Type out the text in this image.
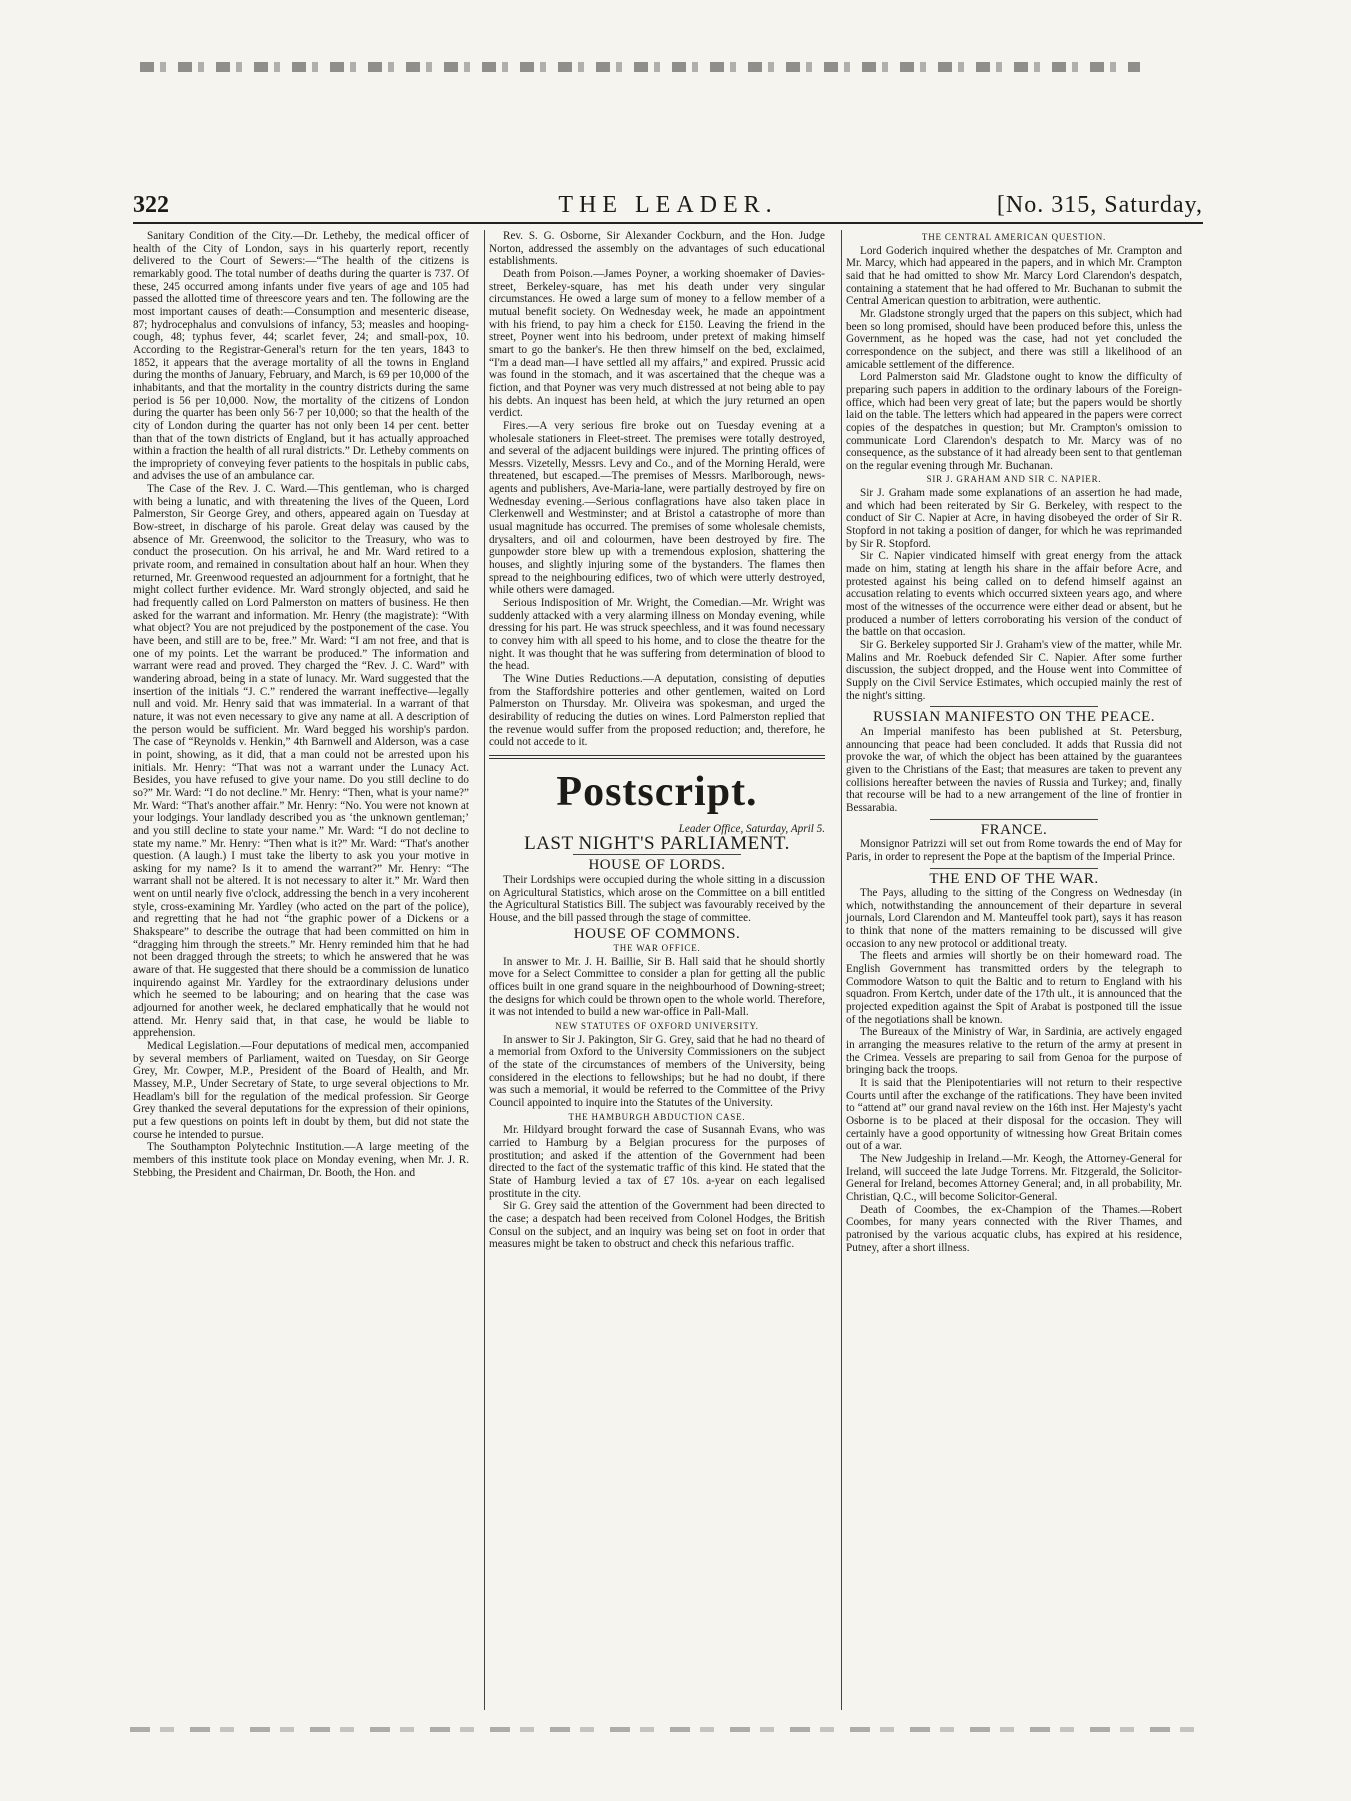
322	THE LEADER.	[No. 315, Saturday,

Sanitary Condition of the City.—Dr. Letheby, the medical officer of health of the City of London, says in his quarterly report, recently delivered to the Court of Sewers:—“The health of the citizens is remarkably good. The total number of deaths during the quarter is 737. Of these, 245 occurred among infants under five years of age and 105 had passed the allotted time of threescore years and ten. The following are the most important causes of death:—Consumption and mesenteric disease, 87; hydrocephalus and convulsions of infancy, 53; measles and hooping-cough, 48; typhus fever, 44; scarlet fever, 24; and small-pox, 10. According to the Registrar-General's return for the ten years, 1843 to 1852, it appears that the average mortality of all the towns in England during the months of January, February, and March, is 69 per 10,000 of the inhabitants, and that the mortality in the country districts during the same period is 56 per 10,000. Now, the mortality of the citizens of London during the quarter has been only 56·7 per 10,000; so that the health of the city of London during the quarter has not only been 14 per cent. better than that of the town districts of England, but it has actually approached within a fraction the health of all rural districts.” Dr. Letheby comments on the impropriety of conveying fever patients to the hospitals in public cabs, and advises the use of an ambulance car.

The Case of the Rev. J. C. Ward.—This gentleman, who is charged with being a lunatic, and with threatening the lives of the Queen, Lord Palmerston, Sir George Grey, and others, appeared again on Tuesday at Bow-street, in discharge of his parole. Great delay was caused by the absence of Mr. Greenwood, the solicitor to the Treasury, who was to conduct the prosecution. On his arrival, he and Mr. Ward retired to a private room, and remained in consultation about half an hour. When they returned, Mr. Greenwood requested an adjournment for a fortnight, that he might collect further evidence. Mr. Ward strongly objected, and said he had frequently called on Lord Palmerston on matters of business. He then asked for the warrant and information. Mr. Henry (the magistrate): “With what object? You are not prejudiced by the postponement of the case. You have been, and still are to be, free.” Mr. Ward: “I am not free, and that is one of my points. Let the warrant be produced.” The information and warrant were read and proved. They charged the “Rev. J. C. Ward” with wandering abroad, being in a state of lunacy. Mr. Ward suggested that the insertion of the initials “J. C.” rendered the warrant ineffective—legally null and void. Mr. Henry said that was immaterial. In a warrant of that nature, it was not even necessary to give any name at all. A description of the person would be sufficient. Mr. Ward begged his worship's pardon. The case of “Reynolds v. Henkin,” 4th Barnwell and Alderson, was a case in point, showing, as it did, that a man could not be arrested upon his initials. Mr. Henry: “That was not a warrant under the Lunacy Act. Besides, you have refused to give your name. Do you still decline to do so?” Mr. Ward: “I do not decline.” Mr. Henry: “Then, what is your name?” Mr. Ward: “That's another affair.” Mr. Henry: “No. You were not known at your lodgings. Your landlady described you as ‘the unknown gentleman;’ and you still decline to state your name.” Mr. Ward: “I do not decline to state my name.” Mr. Henry: “Then what is it?” Mr. Ward: “That's another question. (A laugh.) I must take the liberty to ask you your motive in asking for my name? Is it to amend the warrant?” Mr. Henry: “The warrant shall not be altered. It is not necessary to alter it.” Mr. Ward then went on until nearly five o'clock, addressing the bench in a very incoherent style, cross-examining Mr. Yardley (who acted on the part of the police), and regretting that he had not “the graphic power of a Dickens or a Shakspeare” to describe the outrage that had been committed on him in “dragging him through the streets.” Mr. Henry reminded him that he had not been dragged through the streets; to which he answered that he was aware of that. He suggested that there should be a commission de lunatico inquirendo against Mr. Yardley for the extraordinary delusions under which he seemed to be labouring; and on hearing that the case was adjourned for another week, he declared emphatically that he would not attend. Mr. Henry said that, in that case, he would be liable to apprehension.

Medical Legislation.—Four deputations of medical men, accompanied by several members of Parliament, waited on Tuesday, on Sir George Grey, Mr. Cowper, M.P., President of the Board of Health, and Mr. Massey, M.P., Under Secretary of State, to urge several objections to Mr. Headlam's bill for the regulation of the medical profession. Sir George Grey thanked the several deputations for the expression of their opinions, put a few questions on points left in doubt by them, but did not state the course he intended to pursue.

The Southampton Polytechnic Institution.—A large meeting of the members of this institute took place on Monday evening, when Mr. J. R. Stebbing, the President and Chairman, Dr. Booth, the Hon. and

Rev. S. G. Osborne, Sir Alexander Cockburn, and the Hon. Judge Norton, addressed the assembly on the advantages of such educational establishments.

Death from Poison.—James Poyner, a working shoemaker of Davies-street, Berkeley-square, has met his death under very singular circumstances. He owed a large sum of money to a fellow member of a mutual benefit society. On Wednesday week, he made an appointment with his friend, to pay him a check for £150. Leaving the friend in the street, Poyner went into his bedroom, under pretext of making himself smart to go the banker's. He then threw himself on the bed, exclaimed, “I'm a dead man—I have settled all my affairs,” and expired. Prussic acid was found in the stomach, and it was ascertained that the cheque was a fiction, and that Poyner was very much distressed at not being able to pay his debts. An inquest has been held, at which the jury returned an open verdict.

Fires.—A very serious fire broke out on Tuesday evening at a wholesale stationers in Fleet-street. The premises were totally destroyed, and several of the adjacent buildings were injured. The printing offices of Messrs. Vizetelly, Messrs. Levy and Co., and of the Morning Herald, were threatened, but escaped.—The premises of Messrs. Marlborough, news-agents and publishers, Ave-Maria-lane, were partially destroyed by fire on Wednesday evening.—Serious conflagrations have also taken place in Clerkenwell and Westminster; and at Bristol a catastrophe of more than usual magnitude has occurred. The premises of some wholesale chemists, drysalters, and oil and colourmen, have been destroyed by fire. The gunpowder store blew up with a tremendous explosion, shattering the houses, and slightly injuring some of the bystanders. The flames then spread to the neighbouring edifices, two of which were utterly destroyed, while others were damaged.

Serious Indisposition of Mr. Wright, the Comedian.—Mr. Wright was suddenly attacked with a very alarming illness on Monday evening, while dressing for his part. He was struck speechless, and it was found necessary to convey him with all speed to his home, and to close the theatre for the night. It was thought that he was suffering from determination of blood to the head.

The Wine Duties Reductions.—A deputation, consisting of deputies from the Staffordshire potteries and other gentlemen, waited on Lord Palmerston on Thursday. Mr. Oliveira was spokesman, and urged the desirability of reducing the duties on wines. Lord Palmerston replied that the revenue would suffer from the proposed reduction; and, therefore, he could not accede to it.

Postscript.

Leader Office, Saturday, April 5.

LAST NIGHT'S PARLIAMENT.

HOUSE OF LORDS.

Their Lordships were occupied during the whole sitting in a discussion on Agricultural Statistics, which arose on the Committee on a bill entitled the Agricultural Statistics Bill. The subject was favourably received by the House, and the bill passed through the stage of committee.

HOUSE OF COMMONS.

THE WAR OFFICE.

In answer to Mr. J. H. Baillie, Sir B. Hall said that he should shortly move for a Select Committee to consider a plan for getting all the public offices built in one grand square in the neighbourhood of Downing-street; the designs for which could be thrown open to the whole world. Therefore, it was not intended to build a new war-office in Pall-Mall.

NEW STATUTES OF OXFORD UNIVERSITY.

In answer to Sir J. Pakington, Sir G. Grey, said that he had no theard of a memorial from Oxford to the University Commissioners on the subject of the state of the circumstances of members of the University, being considered in the elections to fellowships; but he had no doubt, if there was such a memorial, it would be referred to the Committee of the Privy Council appointed to inquire into the Statutes of the University.

THE HAMBURGH ABDUCTION CASE.

Mr. Hildyard brought forward the case of Susannah Evans, who was carried to Hamburg by a Belgian procuress for the purposes of prostitution; and asked if the attention of the Government had been directed to the fact of the systematic traffic of this kind. He stated that the State of Hamburg levied a tax of £7 10s. a-year on each legalised prostitute in the city.

Sir G. Grey said the attention of the Government had been directed to the case; a despatch had been received from Colonel Hodges, the British Consul on the subject, and an inquiry was being set on foot in order that measures might be taken to obstruct and check this nefarious traffic.

THE CENTRAL AMERICAN QUESTION.

Lord Goderich inquired whether the despatches of Mr. Crampton and Mr. Marcy, which had appeared in the papers, and in which Mr. Crampton said that he had omitted to show Mr. Marcy Lord Clarendon's despatch, containing a statement that he had offered to Mr. Buchanan to submit the Central American question to arbitration, were authentic.

Mr. Gladstone strongly urged that the papers on this subject, which had been so long promised, should have been produced before this, unless the Government, as he hoped was the case, had not yet concluded the correspondence on the subject, and there was still a likelihood of an amicable settlement of the difference.

Lord Palmerston said Mr. Gladstone ought to know the difficulty of preparing such papers in addition to the ordinary labours of the Foreign-office, which had been very great of late; but the papers would be shortly laid on the table. The letters which had appeared in the papers were correct copies of the despatches in question; but Mr. Crampton's omission to communicate Lord Clarendon's despatch to Mr. Marcy was of no consequence, as the substance of it had already been sent to that gentleman on the regular evening through Mr. Buchanan.

SIR J. GRAHAM AND SIR C. NAPIER.

Sir J. Graham made some explanations of an assertion he had made, and which had been reiterated by Sir G. Berkeley, with respect to the conduct of Sir C. Napier at Acre, in having disobeyed the order of Sir R. Stopford in not taking a position of danger, for which he was reprimanded by Sir R. Stopford.

Sir C. Napier vindicated himself with great energy from the attack made on him, stating at length his share in the affair before Acre, and protested against his being called on to defend himself against an accusation relating to events which occurred sixteen years ago, and where most of the witnesses of the occurrence were either dead or absent, but he produced a number of letters corroborating his version of the conduct of the battle on that occasion.

Sir G. Berkeley supported Sir J. Graham's view of the matter, while Mr. Malins and Mr. Roebuck defended Sir C. Napier. After some further discussion, the subject dropped, and the House went into Committee of Supply on the Civil Service Estimates, which occupied mainly the rest of the night's sitting.

RUSSIAN MANIFESTO ON THE PEACE.

An Imperial manifesto has been published at St. Petersburg, announcing that peace had been concluded. It adds that Russia did not provoke the war, of which the object has been attained by the guarantees given to the Christians of the East; that measures are taken to prevent any collisions hereafter between the navies of Russia and Turkey; and, finally that recourse will be had to a new arrangement of the line of frontier in Bessarabia.

FRANCE.

Monsignor Patrizzi will set out from Rome towards the end of May for Paris, in order to represent the Pope at the baptism of the Imperial Prince.

THE END OF THE WAR.

The Pays, alluding to the sitting of the Congress on Wednesday (in which, notwithstanding the announcement of their departure in several journals, Lord Clarendon and M. Manteuffel took part), says it has reason to think that none of the matters remaining to be discussed will give occasion to any new protocol or additional treaty.

The fleets and armies will shortly be on their homeward road. The English Government has transmitted orders by the telegraph to Commodore Watson to quit the Baltic and to return to England with his squadron. From Kertch, under date of the 17th ult., it is announced that the projected expedition against the Spit of Arabat is postponed till the issue of the negotiations shall be known.

The Bureaux of the Ministry of War, in Sardinia, are actively engaged in arranging the measures relative to the return of the army at present in the Crimea. Vessels are preparing to sail from Genoa for the purpose of bringing back the troops.

It is said that the Plenipotentiaries will not return to their respective Courts until after the exchange of the ratifications. They have been invited to “attend at” our grand naval review on the 16th inst. Her Majesty's yacht Osborne is to be placed at their disposal for the occasion. They will certainly have a good opportunity of witnessing how Great Britain comes out of a war.

The New Judgeship in Ireland.—Mr. Keogh, the Attorney-General for Ireland, will succeed the late Judge Torrens. Mr. Fitzgerald, the Solicitor-General for Ireland, becomes Attorney General; and, in all probability, Mr. Christian, Q.C., will become Solicitor-General.

Death of Coombes, the ex-Champion of the Thames.—Robert Coombes, for many years connected with the River Thames, and patronised by the various acquatic clubs, has expired at his residence, Putney, after a short illness.
